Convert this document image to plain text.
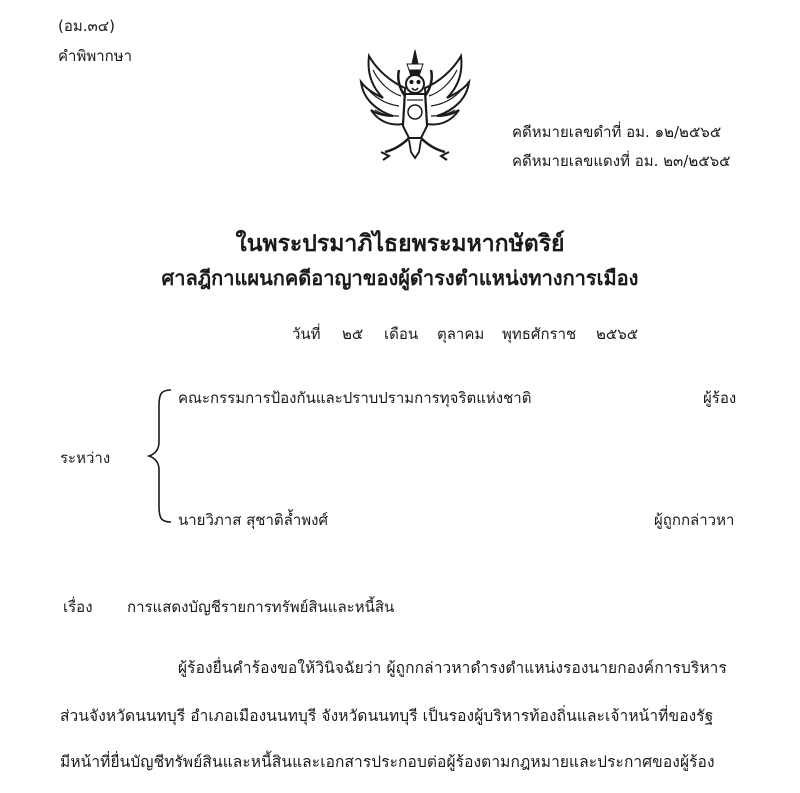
(อม.๓๔)
คำพิพากษา
คดีหมายเลขดำที่ อม. ๑๒/๒๕๖๕
คดีหมายเลขแดงที่ อม. ๒๓/๒๕๖๕
ในพระปรมาภิไธยพระมหากษัตริย์
ศาลฎีกาแผนกคดีอาญาของผู้ดำรงตำแหน่งทางการเมือง
วันที่ ๒๕ เดือน ตุลาคม พุทธศักราช ๒๕๖๕
คณะกรรมการป้องกันและปราบปรามการทุจริตแห่งชาติ	ผู้ร้อง
ระหว่าง
นายวิภาส สุชาติล้ำพงศ์	ผู้ถูกกล่าวหา
เรื่อง การแสดงบัญชีรายการทรัพย์สินและหนี้สิน
ผู้ร้องยื่นคำร้องขอให้วินิจฉัยว่า ผู้ถูกกล่าวหาดำรงตำแหน่งรองนายกองค์การบริหาร
ส่วนจังหวัดนนทบุรี อำเภอเมืองนนทบุรี จังหวัดนนทบุรี เป็นรองผู้บริหารท้องถิ่นและเจ้าหน้าที่ของรัฐ
มีหน้าที่ยื่นบัญชีทรัพย์สินและหนี้สินและเอกสารประกอบต่อผู้ร้องตามกฎหมายและประกาศของผู้ร้อง
